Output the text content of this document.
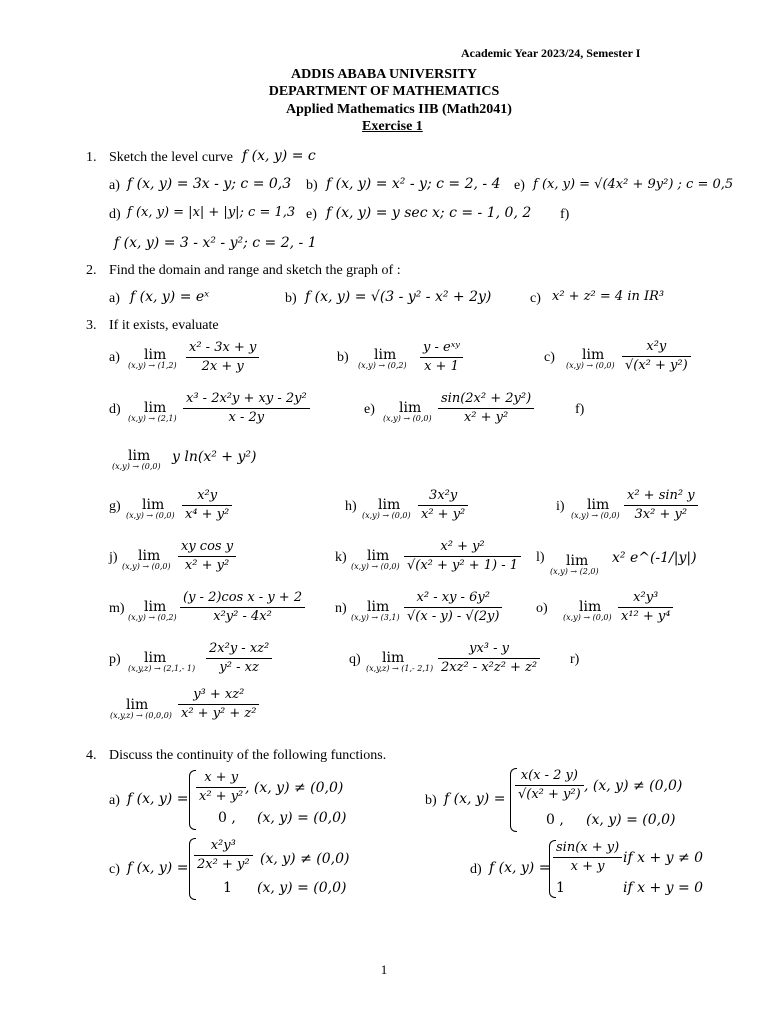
Academic Year 2023/24, Semester I
ADDIS ABABA UNIVERSITY
DEPARTMENT OF MATHEMATICS
Applied Mathematics IIB (Math2041)
Exercise 1
1. Sketch the level curve f (x, y) = c
a) f (x, y) = 3x - y; c = 0,3 b) f (x, y) = x² - y; c = 2, - 4 e) f (x, y) = √(4x² + 9y²) ; c = 0,5
d) f (x, y) = |x| + |y|; c = 1,3 e) f (x, y) = y sec x; c = - 1, 0, 2 f)
f (x, y) = 3 - x² - y²; c = 2, - 1
2. Find the domain and range and sketch the graph of :
a) f (x, y) = eˣ	b) f (x, y) = √(3 - y² - x² + 2y)	c) x² + z² = 4 in IR³
3. If it exists, evaluate
a)	lim
$(x,y) \to (1,2) \frac{\text{x² - 3x + y}}{2x + y}$	b)	lim
(x,y) → (0,2)
y - eˣʸ
x + 1
c)	lim
$(x,y) \to (0,0) \frac{\text{x²y}}{\text{√(x² + y²)}}$
d)	lim
$(x,y) \to (2,1) \frac{\text{x³ - 2x²y + xy - 2y²}}{x - 2y}$	e)	lim
$(x,y) \to (0,0) \frac{\text{sin(2x² + 2y²)}}{\text{x² + y²}}$	f)
lim
(x,y) → (0,0)
y ln(x² + y²)
g)	lim
$(x,y) \to (0,0) \frac{\text{x²y}}{\text{x⁴ + y²}}$	h)	lim
$(x,y) \to (0,0) \frac{\text{3x²y}}{\text{x² + y²}}$	i)	lim
$(x,y) \to (0,0) \frac{\text{x² + sin² y}}{\text{3x² + y²}}$
j)	lim
$(x,y) \to (0,0) \frac{\text{xy cos y}}{\text{x² + y²}}$	k)	lim
$(x,y) \to (0,0) \frac{\text{x² + y²}}{\text{√(x² + y² + 1) - 1}} l$)	lim
(x,y) → (2,0)
x² e^(-1/|y|)
m)	lim
$(x,y) \to (0,2) \frac{\text{(y - 2)cos x - y + 2}}{\text{x²y² - 4x²}} n$)	lim
$(x,y) \to (3,1) \frac{\text{x² - xy - 6y²}}{√(x - y) - √(2y)} o$)	lim
$(x,y) \to (0,0) \frac{\text{x²y³}}{\text{x¹² + y⁴}}$
p)	lim
(x,y,z) → (2,1,- $1) \frac{\text{2x²y - xz²}}{\text{y² - xz}}$	q)	lim
(x,y,z) → (1,- $2,1) \frac{\text{yx³ - y}}{\text{2xz² - x²z² + z²}} r$)
lim
$(x,y,z) \to (0,0,0) \frac{\text{y³ + xz²}}{\text{x² + y² + z²}}$
4. Discuss the continuity of the following functions.
a) f (x, $y) = \frac{x + y}{\text{x² + y²}}$
, (x, y) ≠ (0,0)
0 , (x, y) = (0,0)
b) f (x, $y) = \frac{x(x - 2 y)}{\text{√(x² + y²)}}$ , (x, y) ≠ (0,0)
0 , (x, y) = (0,0)
c) f (x, $y) = \frac{\text{x²y³}}{\text{2x² + y²}} (x$, y) ≠ (0,0)
1 (x, y) = (0,0)
d) f (x, $y) = \frac{\sin(x + y)}{x + y}$ if x + y ≠ 0
1	if x + y = 0
1
